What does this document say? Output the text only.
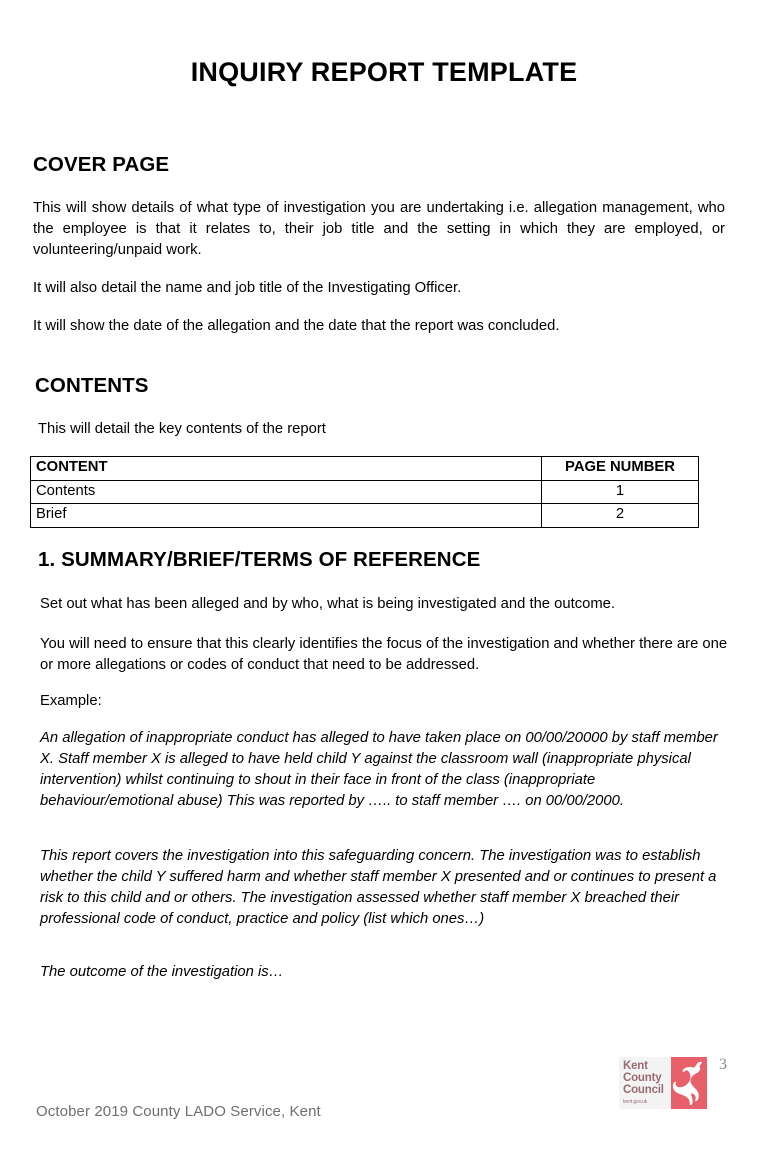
INQUIRY REPORT TEMPLATE
COVER PAGE
This will show details of what type of investigation you are undertaking i.e. allegation management, who the employee is that it relates to, their job title and the setting in which they are employed, or volunteering/unpaid work.
It will also detail the name and job title of the Investigating Officer.
It will show the date of the allegation and the date that the report was concluded.
CONTENTS
This will detail the key contents of the report
CONTENT	PAGE NUMBER
Contents	1
Brief	2
1. SUMMARY/BRIEF/TERMS OF REFERENCE
Set out what has been alleged and by who, what is being investigated and the outcome.
You will need to ensure that this clearly identifies the focus of the investigation and whether there are one or more allegations or codes of conduct that need to be addressed.
Example:
An allegation of inappropriate conduct has alleged to have taken place on 00/00/20000 by staff member X. Staff member X is alleged to have held child Y against the classroom wall (inappropriate physical intervention) whilst continuing to shout in their face in front of the class (inappropriate behaviour/emotional abuse) This was reported by ….. to staff member …. on 00/00/2000.
This report covers the investigation into this safeguarding concern. The investigation was to establish whether the child Y suffered harm and whether staff member X presented and or continues to present a risk to this child and or others. The investigation assessed whether staff member X breached their professional code of conduct, practice and policy (list which ones…)
The outcome of the investigation is…
October 2019 County LADO Service, Kent
Kent
County
Council
kent.gov.uk
3
